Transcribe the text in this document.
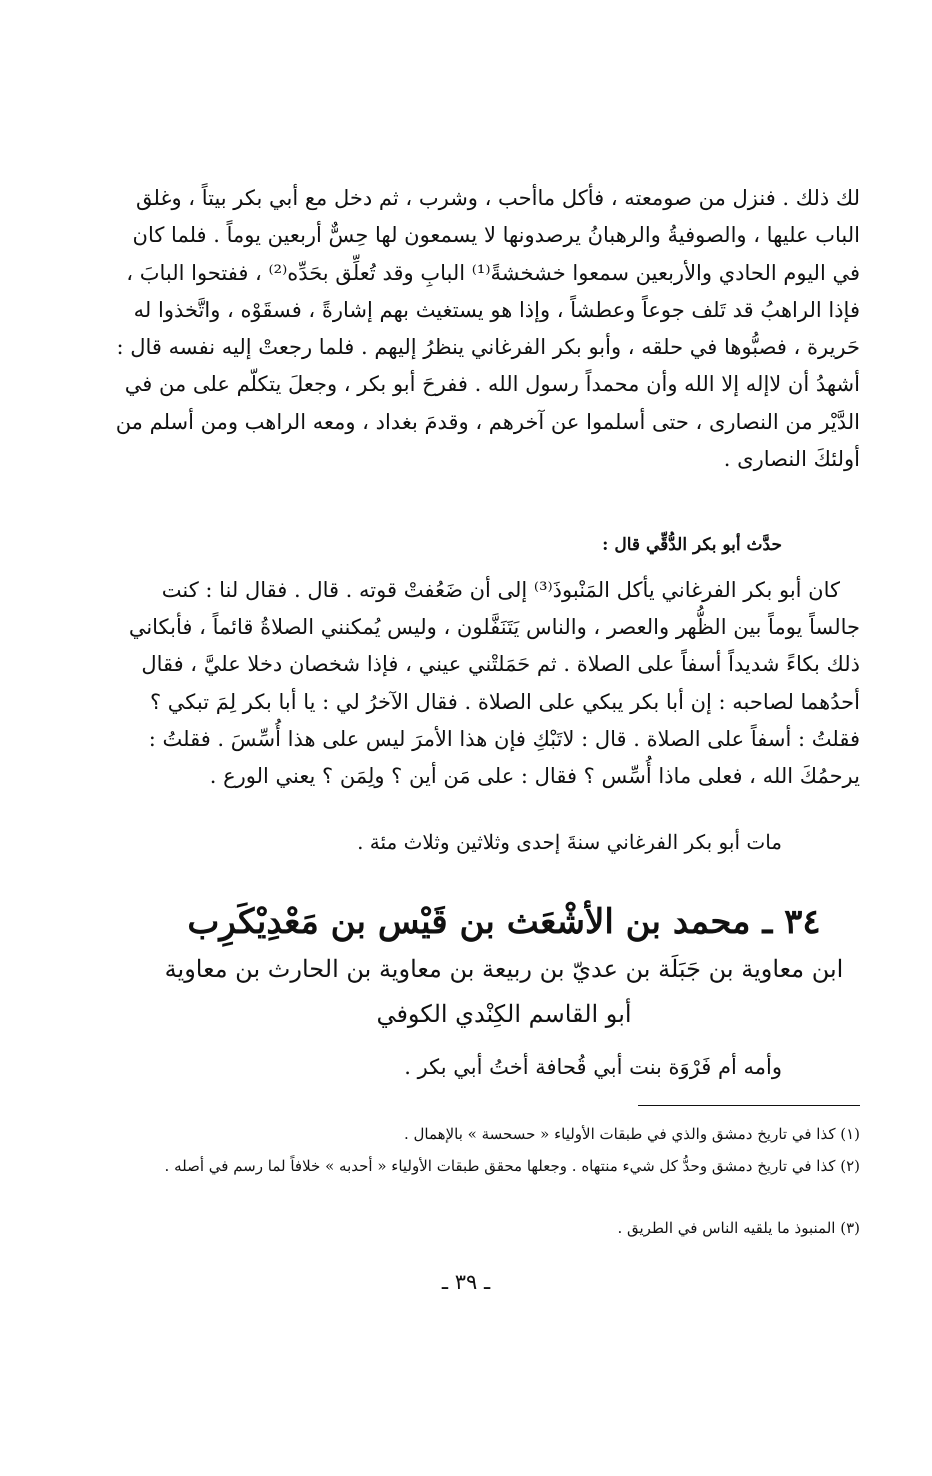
لك ذلك . فنزل من صومعته ، فأكل ماأحب ، وشرب ، ثم دخل مع أبي بكر بيتاً ، وغلق
الباب عليها ، والصوفيةُ والرهبانُ يرصدونها لا يسمعون لها حِسٌّ أربعين يوماً . فلما كان
في اليوم الحادي والأربعين سمعوا خشخشةً⁽¹⁾ البابِ وقد تُعلِّق بحَدِّه⁽²⁾ ، ففتحوا البابَ ،
فإذا الراهبُ قد تَلف جوعاً وعطشاً ، وإذا هو يستغيث بهم إشارةً ، فسقَوْه ، واتَّخذوا له
حَريرة ، فصبُّوها في حلقه ، وأبو بكر الفرغاني ينظرُ إليهم . فلما رجعتْ إليه نفسه قال :
أشهدُ أن لاإله إلا الله وأن محمداً رسول الله . ففرحَ أبو بكر ، وجعلَ يتكلّم على من في
الدَّيْر من النصارى ، حتى أسلموا عن آخرهم ، وقدمَ بغداد ، ومعه الراهب ومن أسلم من
أولئكَ النصارى .
حدَّث أبو بكر الدُّقِّي قال :
كان أبو بكر الفرغاني يأكل المَنْبوذَ⁽³⁾ إلى أن ضَعُفتْ قوته . قال . فقال لنا : كنت
جالساً يوماً بين الظُّهر والعصر ، والناس يَتَنَفَّلون ، وليس يُمكنني الصلاةُ قائماً ، فأبكاني
ذلك بكاءً شديداً أسفاً على الصلاة . ثم حَمَلتْني عيني ، فإذا شخصان دخلا عليَّ ، فقال
أحدُهما لصاحبه : إن أبا بكر يبكي على الصلاة . فقال الآخرُ لي : يا أبا بكر لِمَ تبكي ؟
فقلتُ : أسفاً على الصلاة . قال : لاتَبْكِ فإن هذا الأمرَ ليس على هذا أُسِّسَ . فقلتُ :
يرحمُكَ الله ، فعلى ماذا أُسِّس ؟ فقال : على مَن أين ؟ ولِمَن ؟ يعني الورع .
مات أبو بكر الفرغاني سنةَ إحدى وثلاثين وثلاث مئة .
٣٤ ـ محمد بن الأشْعَث بن قَيْس بن مَعْدِيْكَرِب
ابن معاوية بن جَبَلَة بن عديّ بن ربيعة بن معاوية بن الحارث بن معاوية
أبو القاسم الكِنْدي الكوفي
وأمه أم فَرْوَة بنت أبي قُحافة أختُ أبي بكر .
(١) كذا في تاريخ دمشق والذي في طبقات الأولياء « حسحسة » بالإهمال .
(٢) كذا في تاريخ دمشق وحدُّ كل شيء منتهاه . وجعلها محقق طبقات الأولياء « أحدبه » خلافاً لما رسم في أصله .
(٣) المنبوذ ما يلقيه الناس في الطريق .
ـ ٣٩ ـ
